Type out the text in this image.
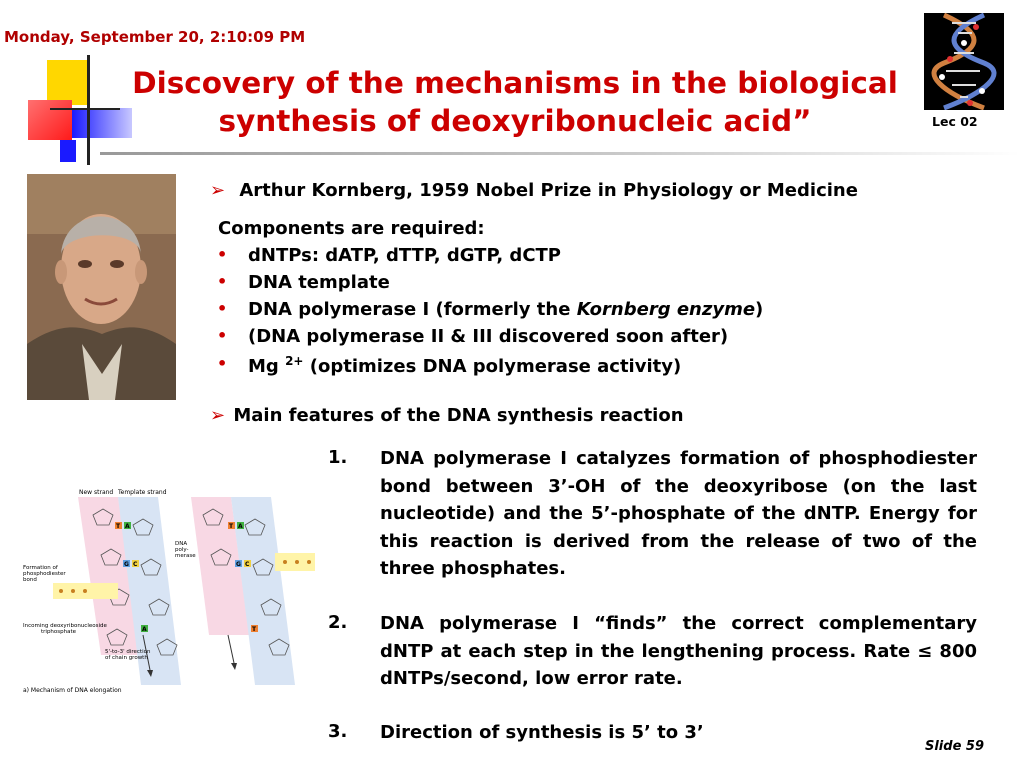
Monday, September 20, 2:10:09 PM
Discovery of the mechanisms in the biological synthesis of deoxyribonucleic acid”	Lec 02
➢ Arthur Kornberg, 1959 Nobel Prize in Physiology or Medicine
Components are required:
• dNTPs: dATP, dTTP, dGTP, dCTP
• DNA template
• DNA polymerase I (formerly the Kornberg enzyme)
• (DNA polymerase II & III discovered soon after)
• Mg $^{2+}$ (optimizes DNA polymerase activity)
➢ Main features of the DNA synthesis reaction
1. DNA polymerase I catalyzes formation of phosphodiester bond between 3’-OH of the deoxyribose (on the last nucleotide) and the 5’-phosphate of the dNTP. Energy for this reaction is derived from the release of two of the three phosphates.
2. DNA polymerase I “finds” the correct complementary dNTP at each step in the lengthening process. Rate ≤ 800 dNTPs/second, low error rate.
3. Direction of synthesis is 5’ to 3’
T A
G C
T A
G C
A	T
New strand Template strand
DNA poly-merase
Formation of phosphodiester bond
Incoming deoxyribonucleoside triphosphate
5'-to-3' direction of chain growth
a) Mechanism of DNA elongation
Slide 59
